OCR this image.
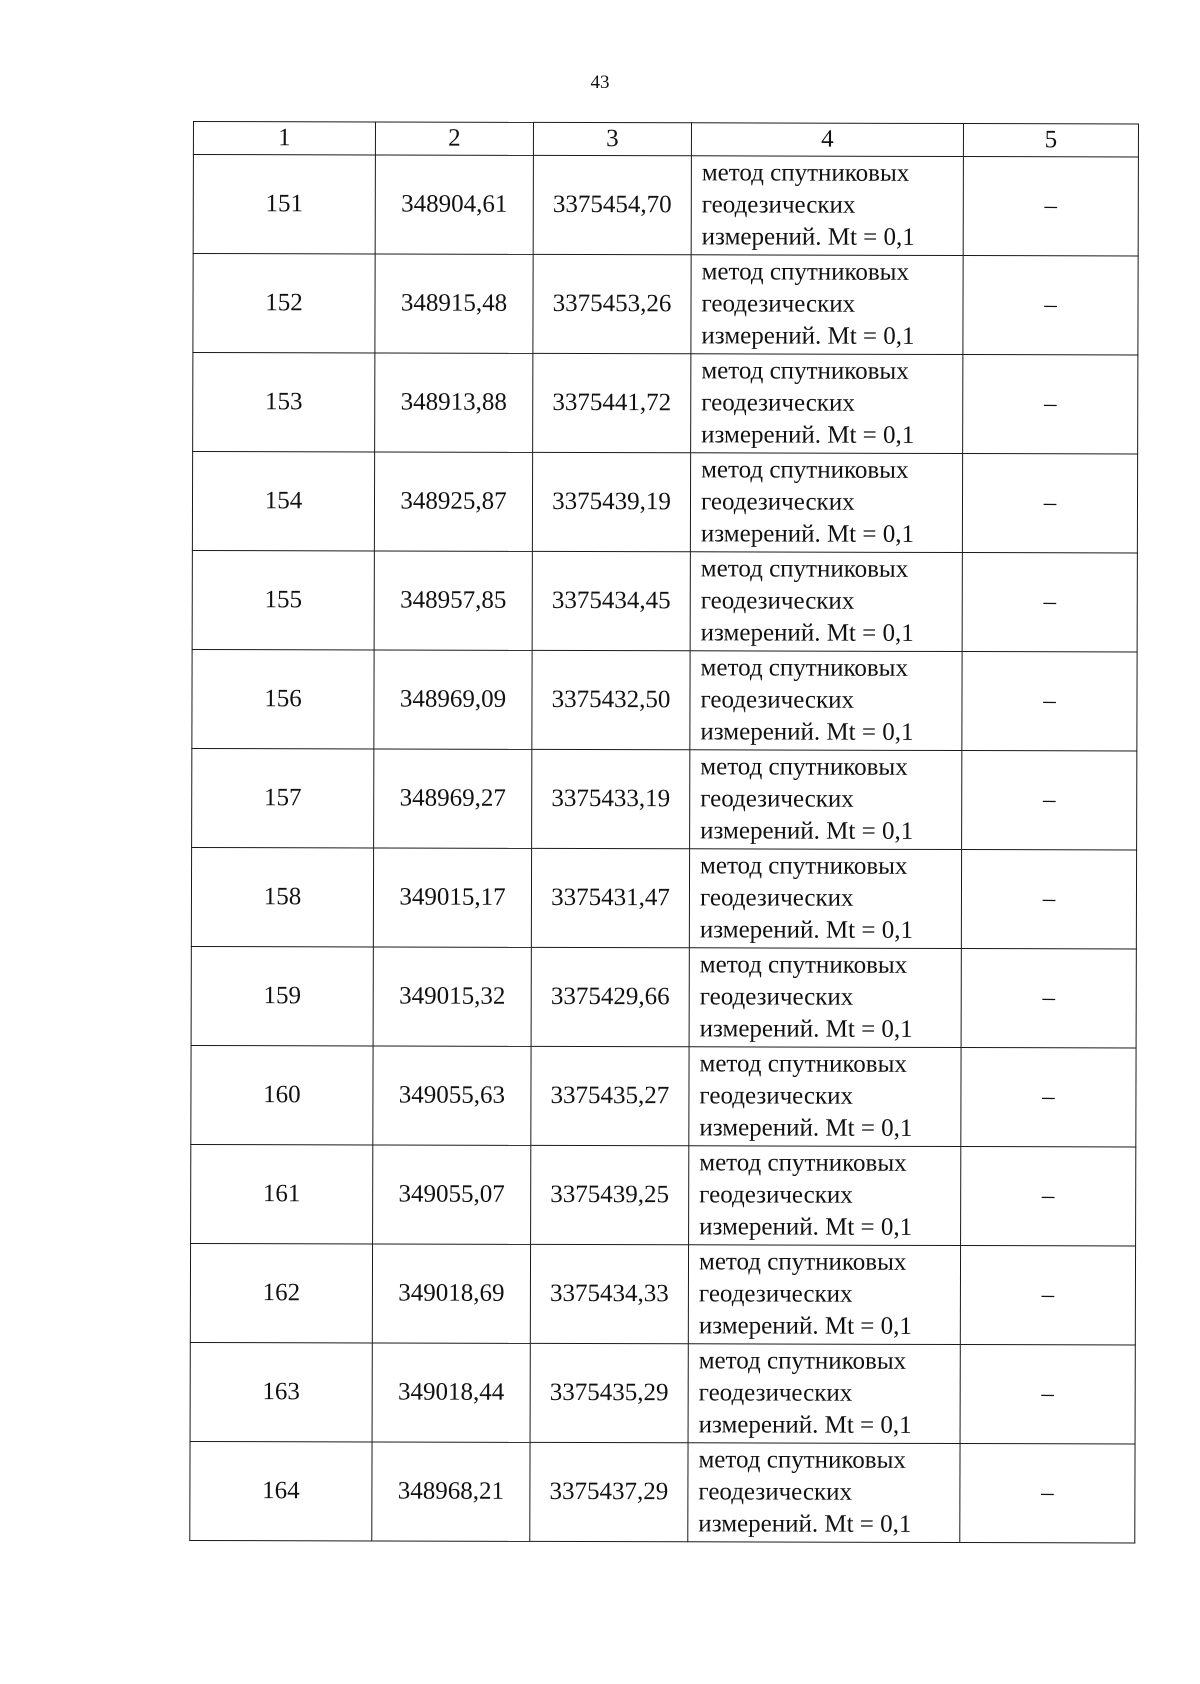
43
1	2	3	4	5
151	348904,61	3375454,70	метод спутниковых
геодезических
измерений. Mt = 0,1	–
152	348915,48	3375453,26	метод спутниковых
геодезических
измерений. Mt = 0,1	–
153	348913,88	3375441,72	метод спутниковых
геодезических
измерений. Mt = 0,1	–
154	348925,87	3375439,19	метод спутниковых
геодезических
измерений. Mt = 0,1	–
155	348957,85	3375434,45	метод спутниковых
геодезических
измерений. Mt = 0,1	–
156	348969,09	3375432,50	метод спутниковых
геодезических
измерений. Mt = 0,1	–
157	348969,27	3375433,19	метод спутниковых
геодезических
измерений. Mt = 0,1	–
158	349015,17	3375431,47	метод спутниковых
геодезических
измерений. Mt = 0,1	–
159	349015,32	3375429,66	метод спутниковых
геодезических
измерений. Mt = 0,1	–
160	349055,63	3375435,27	метод спутниковых
геодезических
измерений. Mt = 0,1	–
161	349055,07	3375439,25	метод спутниковых
геодезических
измерений. Mt = 0,1	–
162	349018,69	3375434,33	метод спутниковых
геодезических
измерений. Mt = 0,1	–
163	349018,44	3375435,29	метод спутниковых
геодезических
измерений. Mt = 0,1	–
164	348968,21	3375437,29	метод спутниковых
геодезических
измерений. Mt = 0,1	–
